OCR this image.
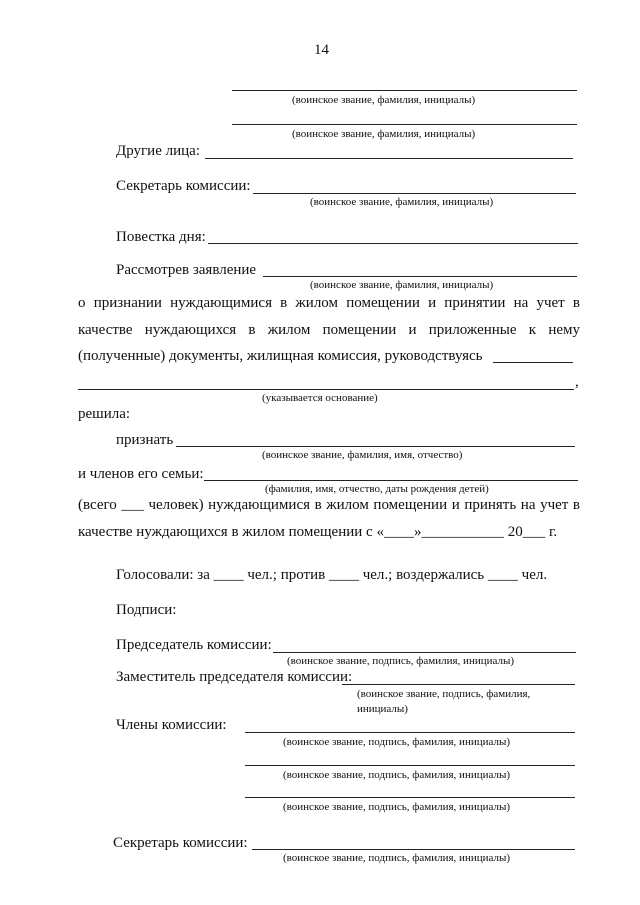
14
(воинское звание, фамилия, инициалы)
(воинское звание, фамилия, инициалы)
Другие лица:
Секретарь комиссии:
(воинское звание, фамилия, инициалы)
Повестка дня:
Рассмотрев заявление
(воинское звание, фамилия, инициалы)
о признании нуждающимися в жилом помещении и принятии на учет в
качестве нуждающихся в жилом помещении и приложенные к нему
(полученные) документы, жилищная комиссия, руководствуясь
,
(указывается основание)
решила:
признать
(воинское звание, фамилия, имя, отчество)
и членов его семьи:
(фамилия, имя, отчество, даты рождения детей)
(всего ___ человек) нуждающимися в жилом помещении и принять на учет в
качестве нуждающихся в жилом помещении с «____»___________ 20___ г.
Голосовали: за ____ чел.; против ____ чел.; воздержались ____ чел.
Подписи:
Председатель комиссии:
(воинское звание, подпись, фамилия, инициалы)
Заместитель председателя комиссии:
(воинское звание, подпись, фамилия,
инициалы)
Члены комиссии:
(воинское звание, подпись, фамилия, инициалы)
(воинское звание, подпись, фамилия, инициалы)
(воинское звание, подпись, фамилия, инициалы)
Секретарь комиссии:
(воинское звание, подпись, фамилия, инициалы)
